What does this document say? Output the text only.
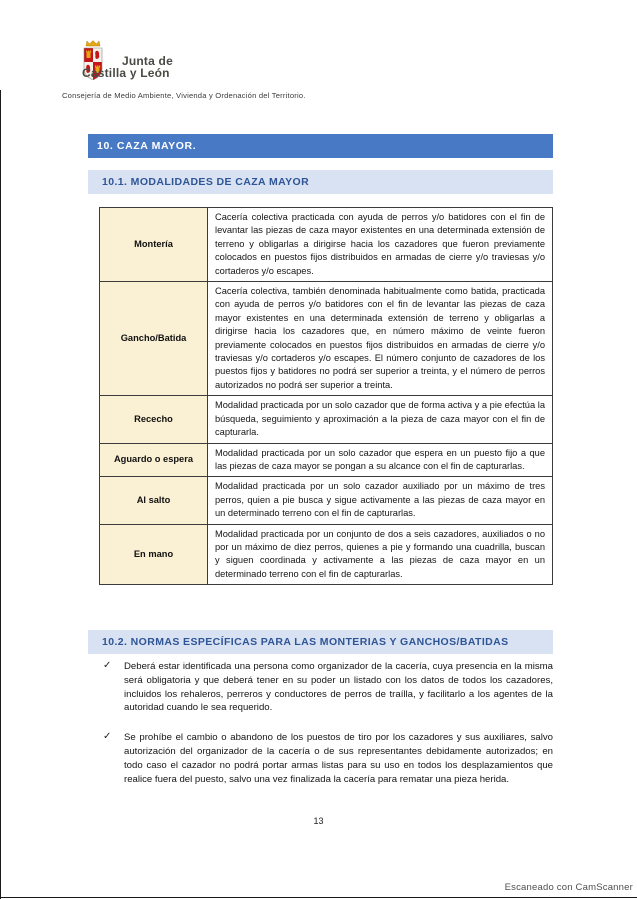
Junta de
Castilla y León
Consejería de Medio Ambiente, Vivienda y Ordenación del Territorio.
10. CAZA MAYOR.
10.1. MODALIDADES DE CAZA MAYOR
Montería	Cacería colectiva practicada con ayuda de perros y/o batidores con el fin de levantar las piezas de caza mayor existentes en una determinada extensión de terreno y obligarlas a dirigirse hacia los cazadores que fueron previamente colocados en puestos fijos distribuidos en armadas de cierre y/o traviesas y/o cortaderos y/o escapes.
Gancho/Batida	Cacería colectiva, también denominada habitualmente como batida, practicada con ayuda de perros y/o batidores con el fin de levantar las piezas de caza mayor existentes en una determinada extensión de terreno y obligarlas a dirigirse hacia los cazadores que, en número máximo de veinte fueron previamente colocados en puestos fijos distribuidos en armadas de cierre y/o traviesas y/o cortaderos y/o escapes. El número conjunto de cazadores de los puestos fijos y batidores no podrá ser superior a treinta, y el número de perros autorizados no podrá ser superior a treinta.
Rececho	Modalidad practicada por un solo cazador que de forma activa y a pie efectúa la búsqueda, seguimiento y aproximación a la pieza de caza mayor con el fin de capturarla.
Aguardo o espera	Modalidad practicada por un solo cazador que espera en un puesto fijo a que las piezas de caza mayor se pongan a su alcance con el fin de capturarlas.
Al salto	Modalidad practicada por un solo cazador auxiliado por un máximo de tres perros, quien a pie busca y sigue activamente a las piezas de caza mayor en un determinado terreno con el fin de capturarlas.
En mano	Modalidad practicada por un conjunto de dos a seis cazadores, auxiliados o no por un máximo de diez perros, quienes a pie y formando una cuadrilla, buscan y siguen coordinada y activamente a las piezas de caza mayor en un determinado terreno con el fin de capturarlas.
10.2. NORMAS ESPECÍFICAS PARA LAS MONTERIAS Y GANCHOS/BATIDAS
✓	Deberá estar identificada una persona como organizador de la cacería, cuya presencia en la misma será obligatoria y que deberá tener en su poder un listado con los datos de todos los cazadores, incluidos los rehaleros, perreros y conductores de perros de traílla, y facilitarlo a los agentes de la autoridad cuando le sea requerido.
✓	Se prohíbe el cambio o abandono de los puestos de tiro por los cazadores y sus auxiliares, salvo autorización del organizador de la cacería o de sus representantes debidamente autorizados; en todo caso el cazador no podrá portar armas listas para su uso en todos los desplazamientos que realice fuera del puesto, salvo una vez finalizada la cacería para rematar una pieza herida.
13
Escaneado con CamScanner
